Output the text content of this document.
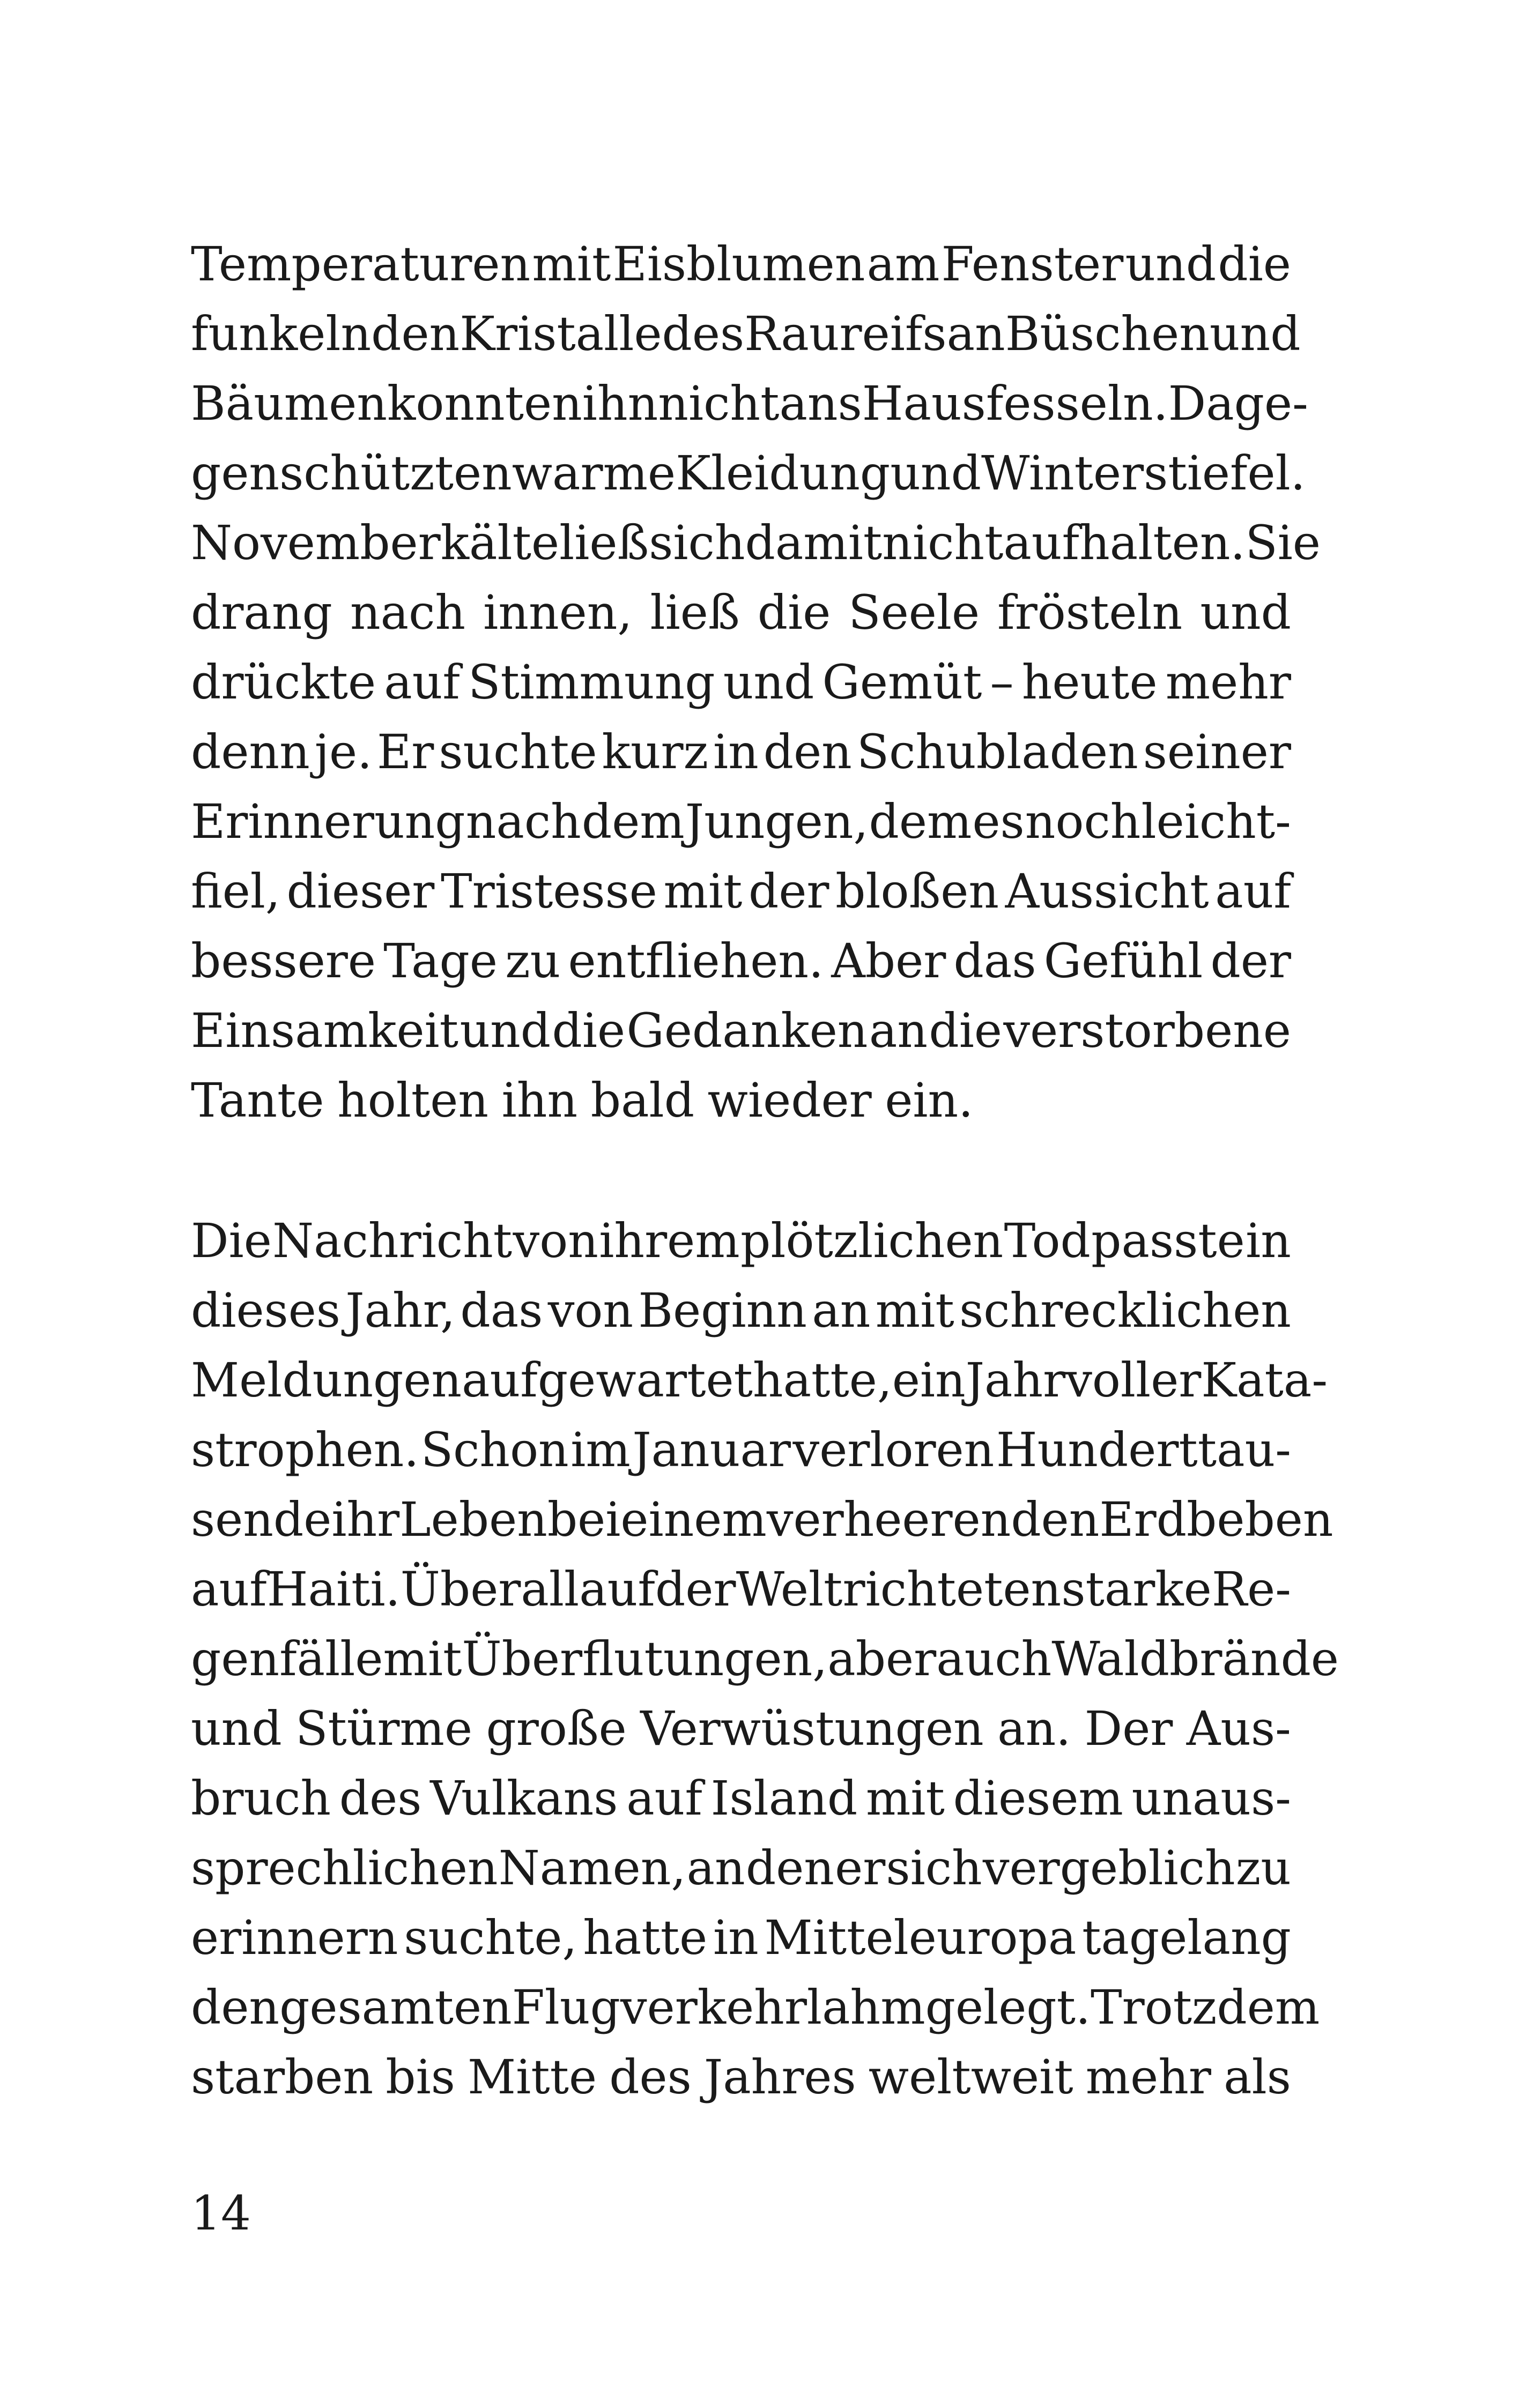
Temperaturen mit Eisblumen am Fenster und die
funkelnden Kristalle des Raureifs an Büschen und
Bäumen konnten ihn nicht ans Haus fesseln. Dage-
gen schützten warme Kleidung und Winterstiefel.
Novemberkälte ließ sich damit nicht aufhalten. Sie
drang nach innen, ließ die Seele frösteln und
drückte auf Stimmung und Gemüt – heute mehr
denn je. Er suchte kurz in den Schubladen seiner
Erinnerung nach dem Jungen, dem es noch leicht-
fiel, dieser Tristesse mit der bloßen Aussicht auf
bessere Tage zu entfliehen. Aber das Gefühl der
Einsamkeit und die Gedanken an die verstorbene
Tante holten ihn bald wieder ein.
Die Nachricht von ihrem plötzlichen Tod passte in
dieses Jahr, das von Beginn an mit schrecklichen
Meldungen aufgewartet hatte, ein Jahr voller Kata-
strophen. Schon im Januar verloren Hunderttau-
sende ihr Leben bei einem verheerenden Erdbeben
auf Haiti. Überall auf der Welt richteten starke Re-
genfälle mit Überflutungen, aber auch Waldbrände
und Stürme große Verwüstungen an. Der Aus-
bruch des Vulkans auf Island mit diesem unaus-
sprechlichen Namen, an den er sich vergeblich zu
erinnern suchte, hatte in Mitteleuropa tagelang
den gesamten Flugverkehr lahmgelegt. Trotzdem
starben bis Mitte des Jahres weltweit mehr als
14
